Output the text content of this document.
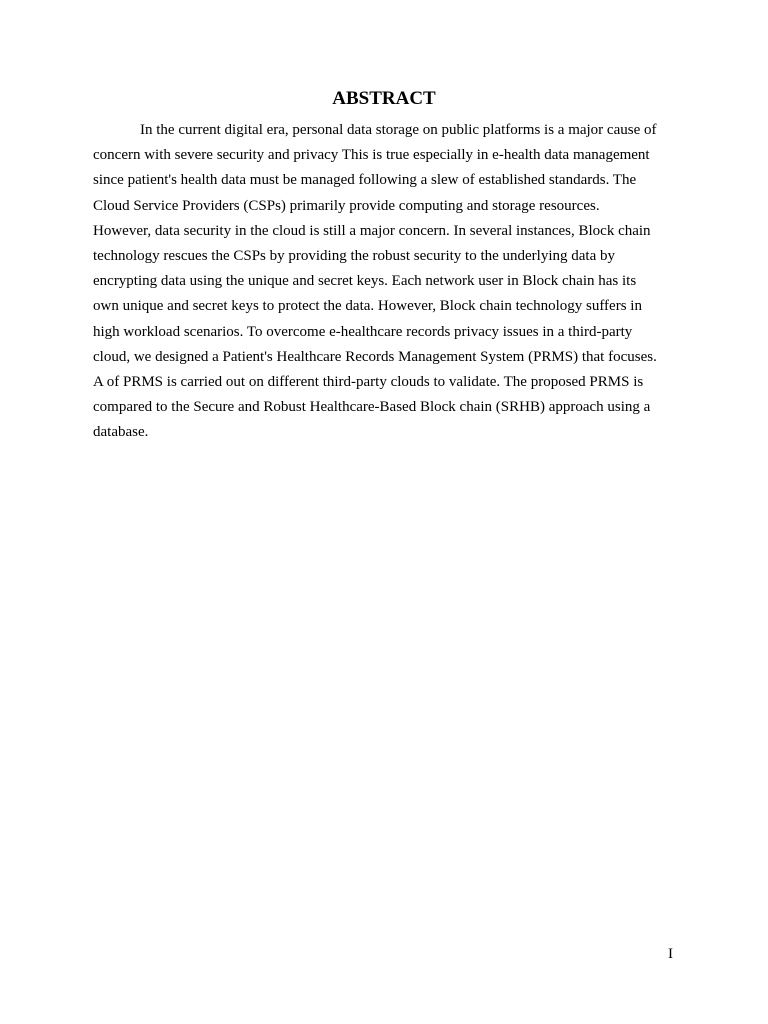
ABSTRACT

In the current digital era, personal data storage on public platforms is a major cause of
concern with severe security and privacy This is true especially in e-health data management
since patient's health data must be managed following a slew of established standards. The
Cloud Service Providers (CSPs) primarily provide computing and storage resources.
However, data security in the cloud is still a major concern. In several instances, Block chain
technology rescues the CSPs by providing the robust security to the underlying data by
encrypting data using the unique and secret keys. Each network user in Block chain has its
own unique and secret keys to protect the data. However, Block chain technology suffers in
high workload scenarios. To overcome e-healthcare records privacy issues in a third-party
cloud, we designed a Patient's Healthcare Records Management System (PRMS) that focuses.
A of PRMS is carried out on different third-party clouds to validate. The proposed PRMS is
compared to the Secure and Robust Healthcare-Based Block chain (SRHB) approach using a
database.

I
